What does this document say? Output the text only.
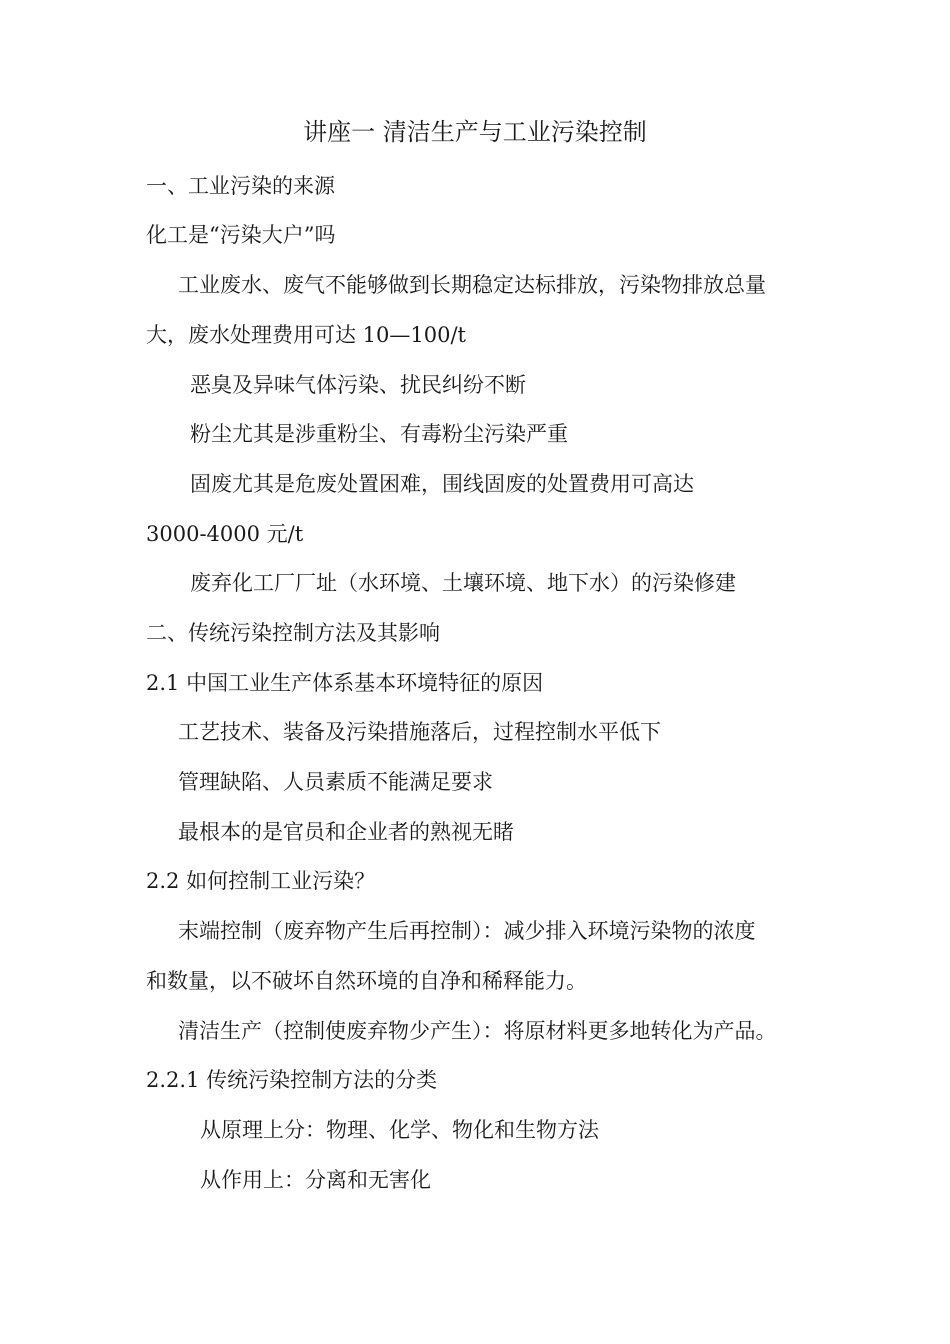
讲座一 清洁生产与工业污染控制
一、工业污染的来源
化工是“污染大户”吗
工业废水、废气不能够做到长期稳定达标排放，污染物排放总量
大，废水处理费用可达 10—100/t
恶臭及异味气体污染、扰民纠纷不断
粉尘尤其是涉重粉尘、有毒粉尘污染严重
固废尤其是危废处置困难，围线固废的处置费用可高达
3000-4000 元/t
废弃化工厂厂址（水环境、土壤环境、地下水）的污染修建
二、传统污染控制方法及其影响
2.1 中国工业生产体系基本环境特征的原因
工艺技术、装备及污染措施落后，过程控制水平低下
管理缺陷、人员素质不能满足要求
最根本的是官员和企业者的熟视无睹
2.2 如何控制工业污染？
末端控制（废弃物产生后再控制）：减少排入环境污染物的浓度
和数量，以不破坏自然环境的自净和稀释能力。
清洁生产（控制使废弃物少产生）：将原材料更多地转化为产品。
2.2.1 传统污染控制方法的分类
从原理上分：物理、化学、物化和生物方法
从作用上：分离和无害化
